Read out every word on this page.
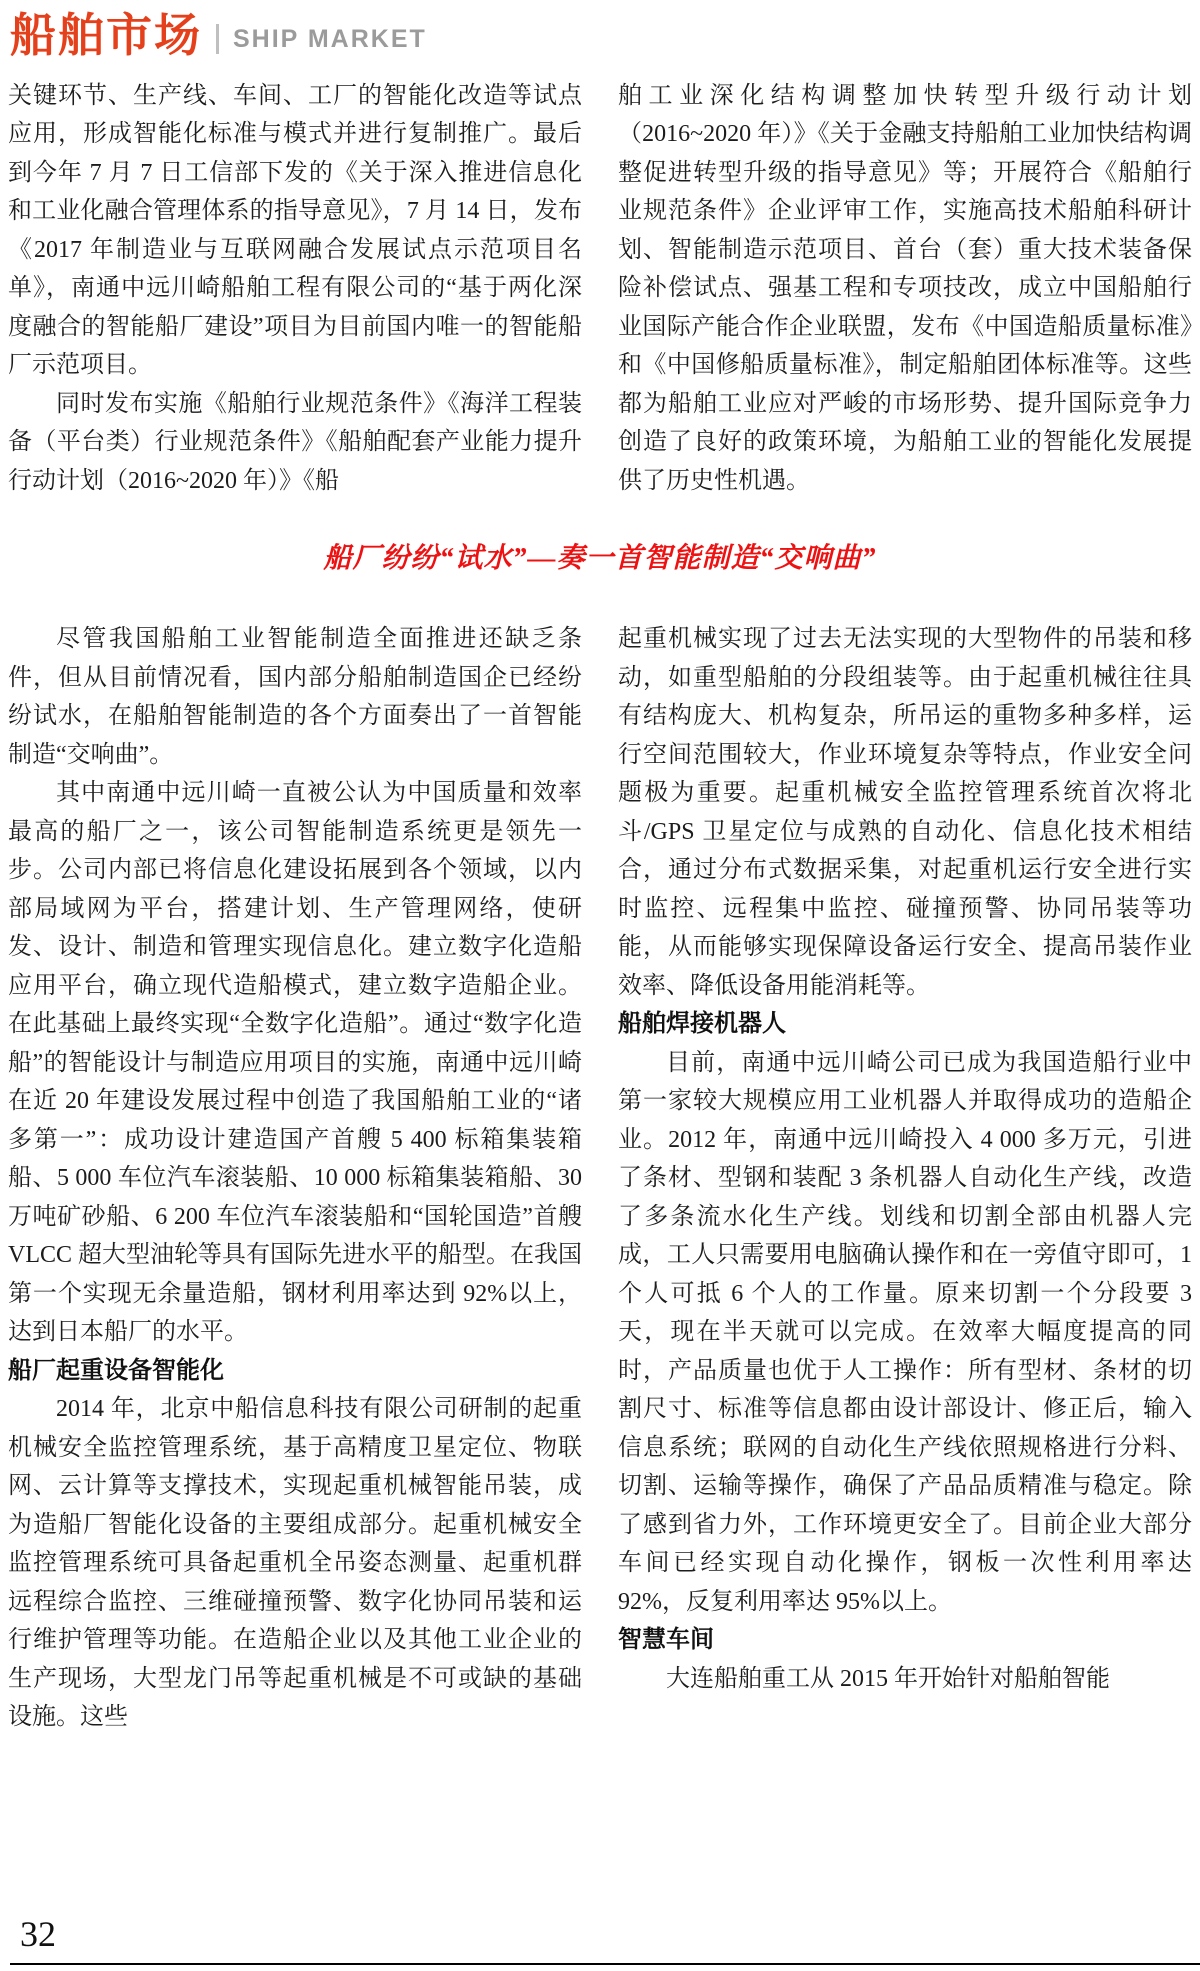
船舶市场 SHIP MARKET

关键环节、生产线、车间、工厂的智能化改造等试点应用，形成智能化标准与模式并进行复制推广。最后到今年 7 月 7 日工信部下发的《关于深入推进信息化和工业化融合管理体系的指导意见》，7 月 14 日，发布《2017 年制造业与互联网融合发展试点示范项目名单》，南通中远川崎船舶工程有限公司的“基于两化深度融合的智能船厂建设”项目为目前国内唯一的智能船厂示范项目。

同时发布实施《船舶行业规范条件》《海洋工程装备（平台类）行业规范条件》《船舶配套产业能力提升行动计划（2016~2020 年）》《船

舶工业深化结构调整加快转型升级行动计划（2016~2020 年）》《关于金融支持船舶工业加快结构调整促进转型升级的指导意见》等；开展符合《船舶行业规范条件》企业评审工作，实施高技术船舶科研计划、智能制造示范项目、首台（套）重大技术装备保险补偿试点、强基工程和专项技改，成立中国船舶行业国际产能合作企业联盟，发布《中国造船质量标准》和《中国修船质量标准》，制定船舶团体标准等。这些都为船舶工业应对严峻的市场形势、提升国际竞争力创造了良好的政策环境，为船舶工业的智能化发展提供了历史性机遇。

船厂纷纷“试水”—奏一首智能制造“交响曲”

尽管我国船舶工业智能制造全面推进还缺乏条件，但从目前情况看，国内部分船舶制造国企已经纷纷试水，在船舶智能制造的各个方面奏出了一首智能制造“交响曲”。

其中南通中远川崎一直被公认为中国质量和效率最高的船厂之一，该公司智能制造系统更是领先一步。公司内部已将信息化建设拓展到各个领域，以内部局域网为平台，搭建计划、生产管理网络，使研发、设计、制造和管理实现信息化。建立数字化造船应用平台，确立现代造船模式，建立数字造船企业。在此基础上最终实现“全数字化造船”。通过“数字化造船”的智能设计与制造应用项目的实施，南通中远川崎在近 20 年建设发展过程中创造了我国船舶工业的“诸多第一”：成功设计建造国产首艘 5 400 标箱集装箱船、5 000 车位汽车滚装船、10 000 标箱集装箱船、30 万吨矿砂船、6 200 车位汽车滚装船和“国轮国造”首艘 VLCC 超大型油轮等具有国际先进水平的船型。在我国第一个实现无余量造船，钢材利用率达到 92%以上，达到日本船厂的水平。

船厂起重设备智能化

2014 年，北京中船信息科技有限公司研制的起重机械安全监控管理系统，基于高精度卫星定位、物联网、云计算等支撑技术，实现起重机械智能吊装，成为造船厂智能化设备的主要组成部分。起重机械安全监控管理系统可具备起重机全吊姿态测量、起重机群远程综合监控、三维碰撞预警、数字化协同吊装和运行维护管理等功能。在造船企业以及其他工业企业的生产现场，大型龙门吊等起重机械是不可或缺的基础设施。这些

起重机械实现了过去无法实现的大型物件的吊装和移动，如重型船舶的分段组装等。由于起重机械往往具有结构庞大、机构复杂，所吊运的重物多种多样，运行空间范围较大，作业环境复杂等特点，作业安全问题极为重要。起重机械安全监控管理系统首次将北斗/GPS 卫星定位与成熟的自动化、信息化技术相结合，通过分布式数据采集，对起重机运行安全进行实时监控、远程集中监控、碰撞预警、协同吊装等功能，从而能够实现保障设备运行安全、提高吊装作业效率、降低设备用能消耗等。

船舶焊接机器人

目前，南通中远川崎公司已成为我国造船行业中第一家较大规模应用工业机器人并取得成功的造船企业。2012 年，南通中远川崎投入 4 000 多万元，引进了条材、型钢和装配 3 条机器人自动化生产线，改造了多条流水化生产线。划线和切割全部由机器人完成，工人只需要用电脑确认操作和在一旁值守即可，1 个人可抵 6 个人的工作量。原来切割一个分段要 3 天，现在半天就可以完成。在效率大幅度提高的同时，产品质量也优于人工操作：所有型材、条材的切割尺寸、标准等信息都由设计部设计、修正后，输入信息系统；联网的自动化生产线依照规格进行分料、切割、运输等操作，确保了产品品质精准与稳定。除了感到省力外，工作环境更安全了。目前企业大部分车间已经实现自动化操作，钢板一次性利用率达 92%，反复利用率达 95%以上。

智慧车间

大连船舶重工从 2015 年开始针对船舶智能

32
